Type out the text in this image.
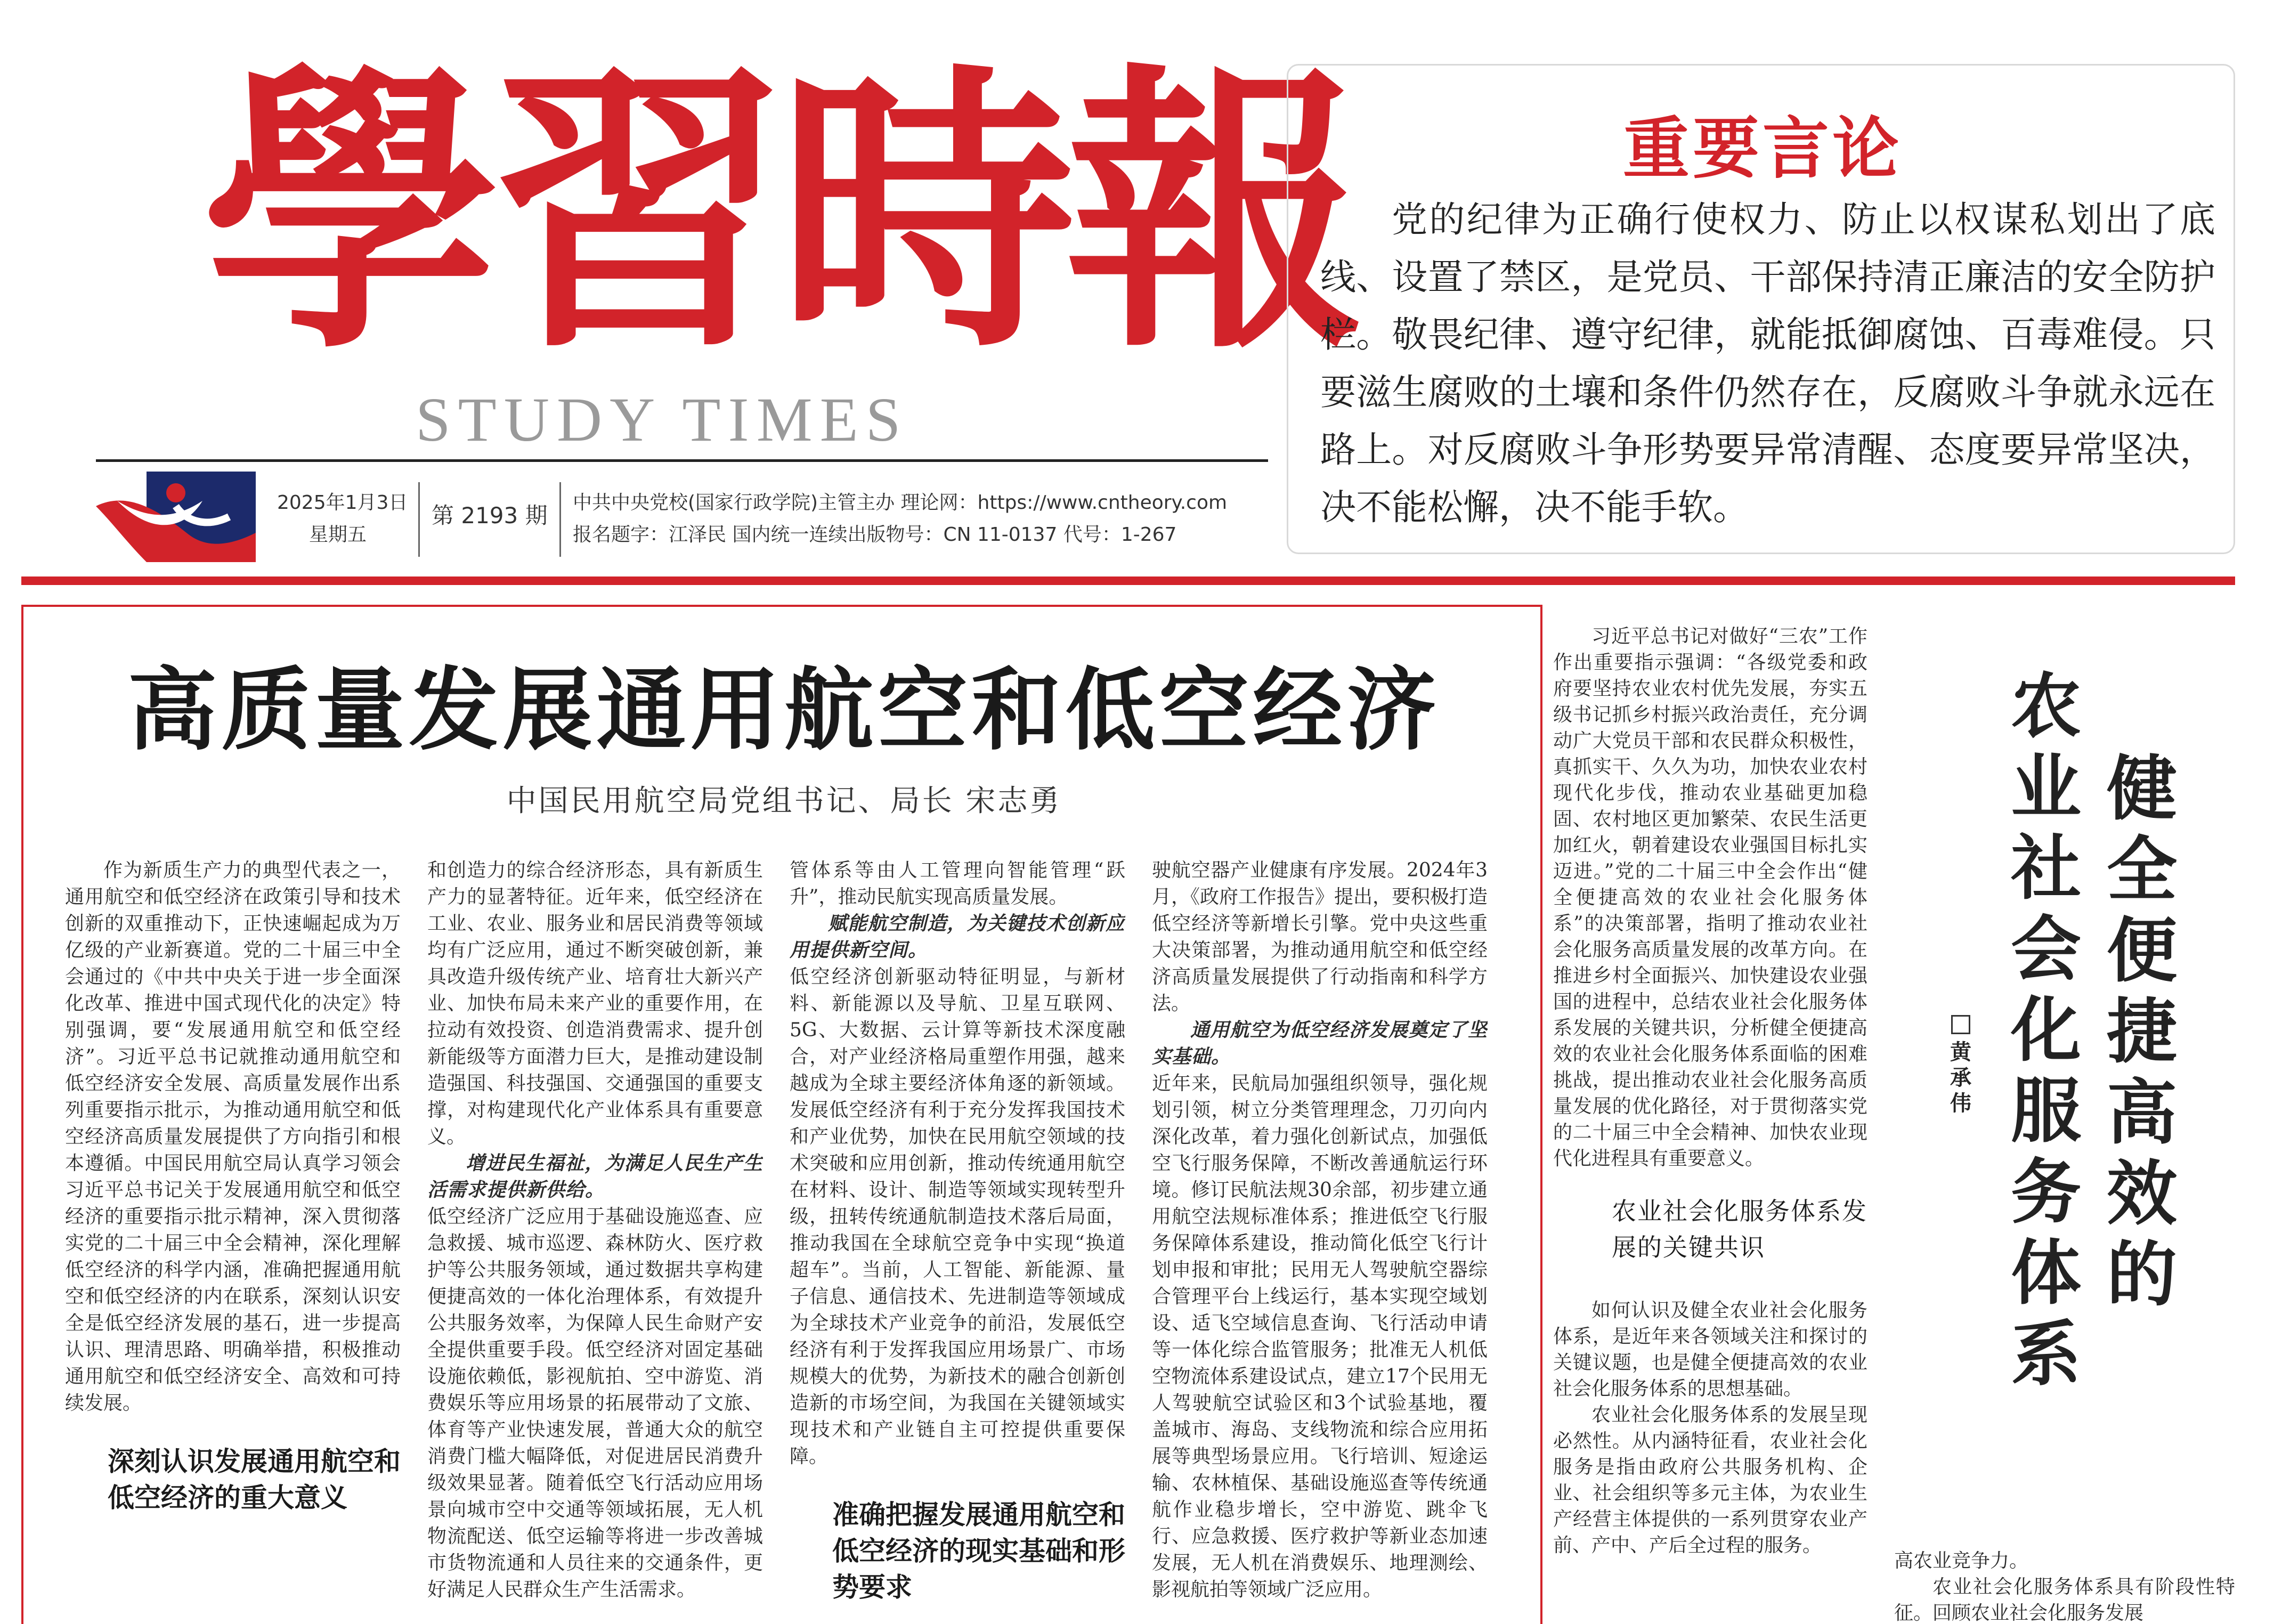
學習時報
STUDY TIMES
2025年1月3日
星期五
第 2193 期 中共中央党校(国家行政学院)主管主办 理论网：https://www.cntheory.com
报名题字：江泽民 国内统一连续出版物号：CN 11-0137 代号：1-267
重要言论
党的纪律为正确行使权力、防止以权谋私划出了底线、设置了禁区，是党员、干部保持清正廉洁的安全防护栏。敬畏纪律、遵守纪律，就能抵御腐蚀、百毒难侵。只要滋生腐败的土壤和条件仍然存在，反腐败斗争就永远在路上。对反腐败斗争形势要异常清醒、态度要异常坚决，决不能松懈，决不能手软。
高质量发展通用航空和低空经济
中国民用航空局党组书记、局长 宋志勇

作为新质生产力的典型代表之一，通用航空和低空经济在政策引导和技术创新的双重推动下，正快速崛起成为万亿级的产业新赛道。党的二十届三中全会通过的《中共中央关于进一步全面深化改革、推进中国式现代化的决定》特别强调，要“发展通用航空和低空经济”。习近平总书记就推动通用航空和低空经济安全发展、高质量发展作出系列重要指示批示，为推动通用航空和低空经济高质量发展提供了方向指引和根本遵循。中国民用航空局认真学习领会习近平总书记关于发展通用航空和低空经济的重要指示批示精神，深入贯彻落实党的二十届三中全会精神，深化理解低空经济的科学内涵，准确把握通用航空和低空经济的内在联系，深刻认识安全是低空经济发展的基石，进一步提高认识、理清思路、明确举措，积极推动通用航空和低空经济安全、高效和可持续发展。

深刻认识发展通用航空和低空经济的重大意义

和创造力的综合经济形态，具有新质生产力的显著特征。近年来，低空经济在工业、农业、服务业和居民消费等领域均有广泛应用，通过不断突破创新，兼具改造升级传统产业、培育壮大新兴产业、加快布局未来产业的重要作用，在拉动有效投资、创造消费需求、提升创新能级等方面潜力巨大，是推动建设制造强国、科技强国、交通强国的重要支撑，对构建现代化产业体系具有重要意义。

增进民生福祉，为满足人民生产生活需求提供新供给。

低空经济广泛应用于基础设施巡查、应急救援、城市巡逻、森林防火、医疗救护等公共服务领域，通过数据共享构建便捷高效的一体化治理体系，有效提升公共服务效率，为保障人民生命财产安全提供重要手段。低空经济对固定基础设施依赖低，影视航拍、空中游览、消费娱乐等应用场景的拓展带动了文旅、体育等产业快速发展，普通大众的航空消费门槛大幅降低，对促进居民消费升级效果显著。随着低空飞行活动应用场景向城市空中交通等领域拓展，无人机物流配送、低空运输等将进一步改善城市货物流通和人员往来的交通条件，更好满足人民群众生产生活需求。

管体系等由人工管理向智能管理“跃升”，推动民航实现高质量发展。

赋能航空制造，为关键技术创新应用提供新空间。

低空经济创新驱动特征明显，与新材料、新能源以及导航、卫星互联网、5G、大数据、云计算等新技术深度融合，对产业经济格局重塑作用强，越来越成为全球主要经济体角逐的新领域。发展低空经济有利于充分发挥我国技术和产业优势，加快在民用航空领域的技术突破和应用创新，推动传统通用航空在材料、设计、制造等领域实现转型升级，扭转传统通航制造技术落后局面，推动我国在全球航空竞争中实现“换道超车”。当前，人工智能、新能源、量子信息、通信技术、先进制造等领域成为全球技术产业竞争的前沿，发展低空经济有利于发挥我国应用场景广、市场规模大的优势，为新技术的融合创新创造新的市场空间，为我国在关键领域实现技术和产业链自主可控提供重要保障。

准确把握发展通用航空和低空经济的现实基础和形势要求

驶航空器产业健康有序发展。2024年3月，《政府工作报告》提出，要积极打造低空经济等新增长引擎。党中央这些重大决策部署，为推动通用航空和低空经济高质量发展提供了行动指南和科学方法。

通用航空为低空经济发展奠定了坚实基础。

近年来，民航局加强组织领导，强化规划引领，树立分类管理理念，刀刃向内深化改革，着力强化创新试点，加强低空飞行服务保障，不断改善通航运行环境。修订民航法规30余部，初步建立通用航空法规标准体系；推进低空飞行服务保障体系建设，推动简化低空飞行计划申报和审批；民用无人驾驶航空器综合管理平台上线运行，基本实现空域划设、适飞空域信息查询、飞行活动申请等一体化综合监管服务；批准无人机低空物流体系建设试点，建立17个民用无人驾驶航空试验区和3个试验基地，覆盖城市、海岛、支线物流和综合应用拓展等典型场景应用。飞行培训、短途运输、农林植保、基础设施巡查等传统通航作业稳步增长，空中游览、跳伞飞行、应急救援、医疗救护等新业态加速发展，无人机在消费娱乐、地理测绘、影视航拍等领域广泛应用。

农业社会化服务体系
健全便捷高效的
黄承伟

习近平总书记对做好“三农”工作作出重要指示强调：“各级党委和政府要坚持农业农村优先发展，夯实五级书记抓乡村振兴政治责任，充分调动广大党员干部和农民群众积极性，真抓实干、久久为功，加快农业农村现代化步伐，推动农业基础更加稳固、农村地区更加繁荣、农民生活更加红火，朝着建设农业强国目标扎实迈进。”党的二十届三中全会作出“健全便捷高效的农业社会化服务体系”的决策部署，指明了推动农业社会化服务高质量发展的改革方向。在推进乡村全面振兴、加快建设农业强国的进程中，总结农业社会化服务体系发展的关键共识，分析健全便捷高效的农业社会化服务体系面临的困难挑战，提出推动农业社会化服务高质量发展的优化路径，对于贯彻落实党的二十届三中全会精神、加快农业现代化进程具有重要意义。

农业社会化服务体系发展的关键共识

如何认识及健全农业社会化服务体系，是近年来各领域关注和探讨的关键议题，也是健全便捷高效的农业社会化服务体系的思想基础。

农业社会化服务体系的发展呈现必然性。从内涵特征看，农业社会化服务是指由政府公共服务机构、企业、社会组织等多元主体，为农业生产经营主体提供的一系列贯穿农业产前、产中、产后全过程的服务。

高农业竞争力。

农业社会化服务体系具有阶段性特征。回顾农业社会化服务发展
